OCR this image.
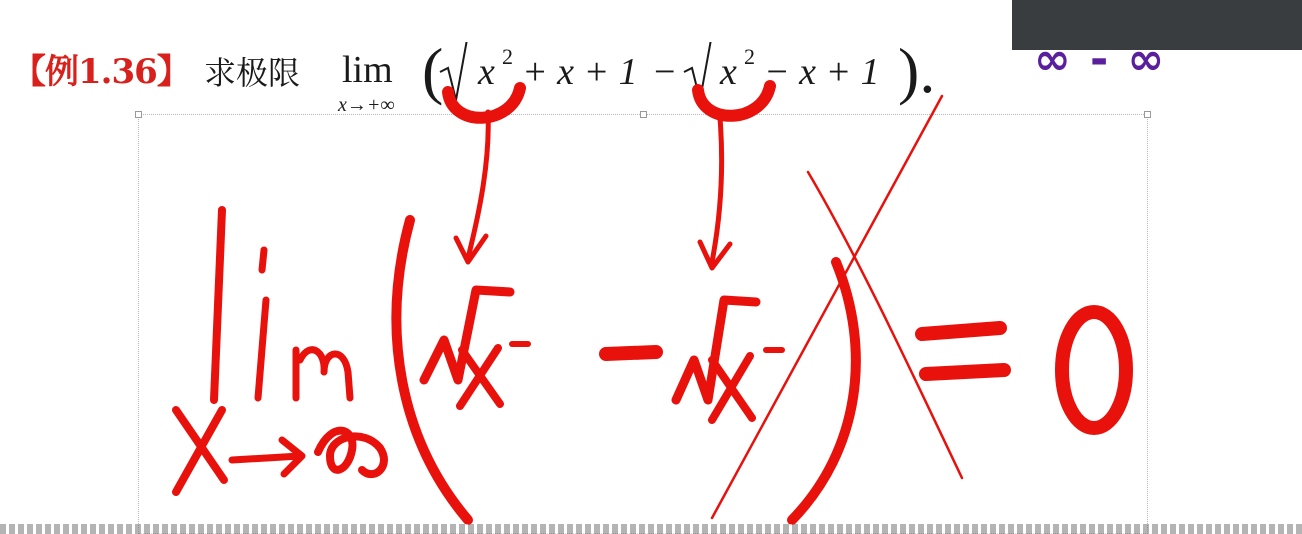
【例1.36】 求极限 lim
x→+∞ ( x 2 + x + 1 − x 2 − x + 1 ). ∞ - ∞
